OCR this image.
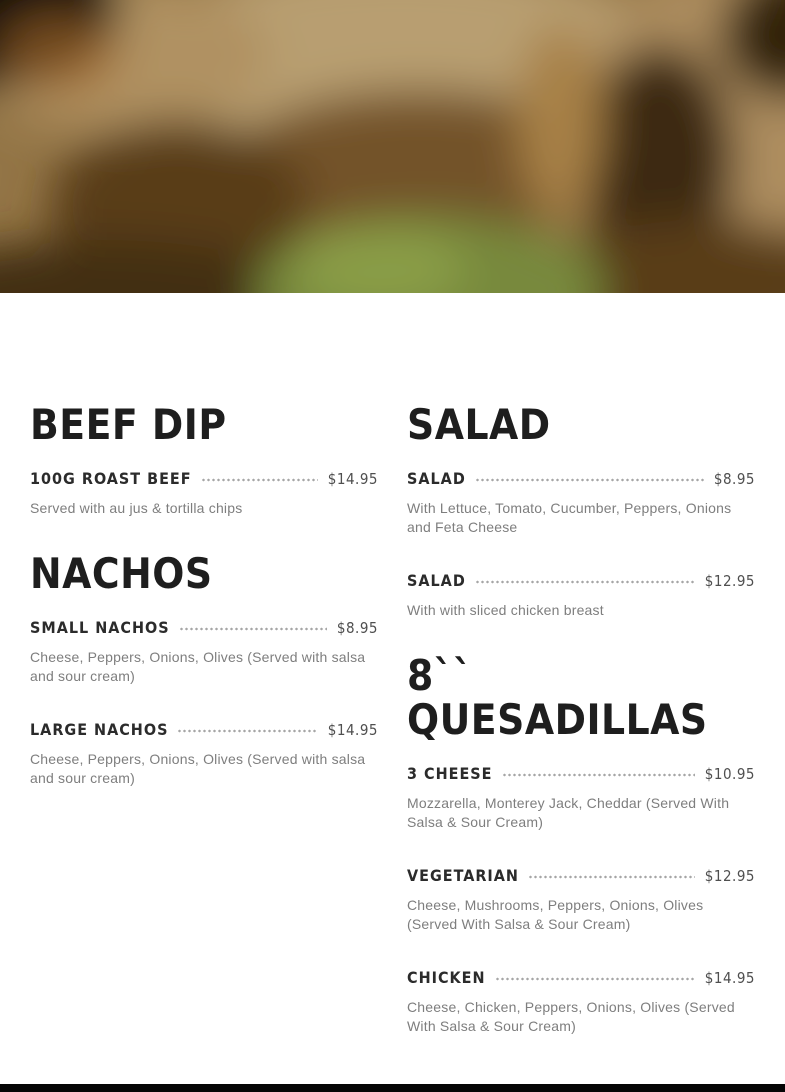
BEEF DIP
100G ROAST BEEF	$14.95

Served with au jus & tortilla chips

NACHOS
SMALL NACHOS	$8.95

Cheese, Peppers, Onions, Olives (Served with salsa and sour cream)

LARGE NACHOS	$14.95

Cheese, Peppers, Onions, Olives (Served with salsa and sour cream)

SALAD
SALAD	$8.95

With Lettuce, Tomato, Cucumber, Peppers, Onions and Feta Cheese

SALAD	$12.95

With with sliced chicken breast

8`` QUESADILLAS
3 CHEESE	$10.95

Mozzarella, Monterey Jack, Cheddar (Served With Salsa & Sour Cream)

VEGETARIAN	$12.95

Cheese, Mushrooms, Peppers, Onions, Olives (Served With Salsa & Sour Cream)

CHICKEN	$14.95

Cheese, Chicken, Peppers, Onions, Olives (Served With Salsa & Sour Cream)
